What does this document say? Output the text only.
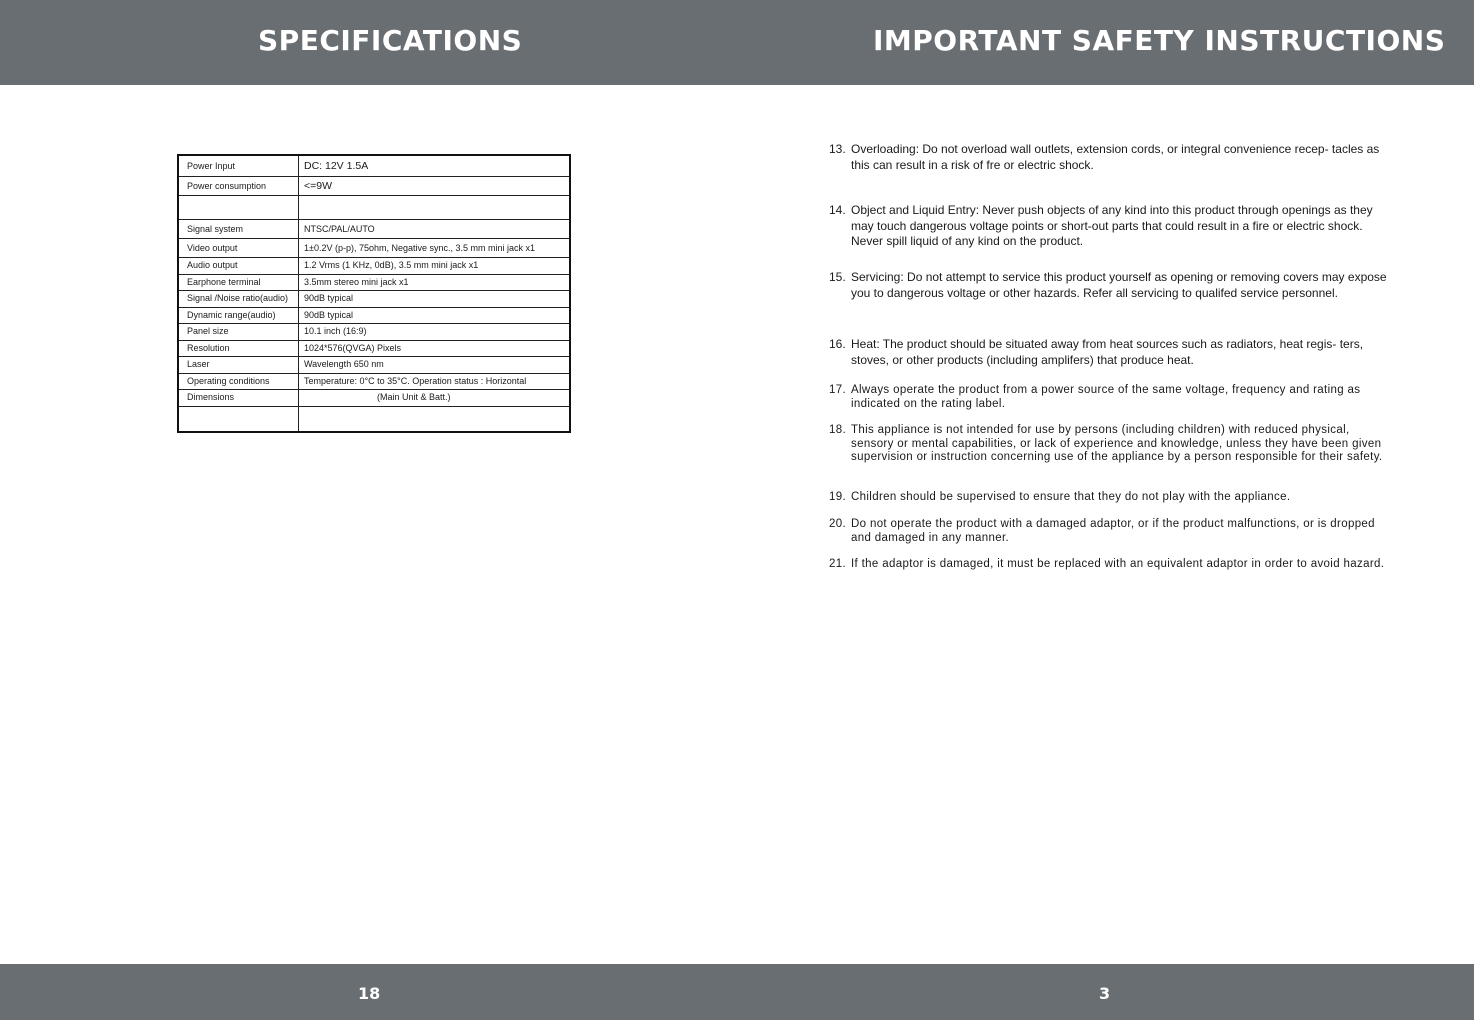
SPECIFICATIONS	IMPORTANT SAFETY INSTRUCTIONS
Power Input	DC: 12V 1.5A
Power consumption	<=9W
Signal system	NTSC/PAL/AUTO
Video output	1±0.2V (p-p), 75ohm, Negative sync., 3.5 mm mini jack x1
Audio output	1.2 Vrms (1 KHz, 0dB), 3.5 mm mini jack x1
Earphone terminal	3.5mm stereo mini jack x1
Signal /Noise ratio(audio)	90dB typical
Dynamic range(audio)	90dB typical
Panel size	10.1 inch (16:9)
Resolution	1024*576(QVGA) Pixels
Laser	Wavelength 650 nm
Operating conditions	Temperature: 0°C to 35°C. Operation status : Horizontal
Dimensions	(Main Unit & Batt.)
13. Overloading: Do not overload wall outlets, extension cords, or integral convenience recep- tacles as this can result in a risk of fre or electric shock.
14. Object and Liquid Entry: Never push objects of any kind into this product through openings as they may touch dangerous voltage points or short-out parts that could result in a fire or electric shock. Never spill liquid of any kind on the product.
15. Servicing: Do not attempt to service this product yourself as opening or removing covers may expose you to dangerous voltage or other hazards. Refer all servicing to qualifed service personnel.
16. Heat: The product should be situated away from heat sources such as radiators, heat regis- ters, stoves, or other products (including amplifers) that produce heat.
17. Always operate the product from a power source of the same voltage, frequency and rating as indicated on the rating label.
18. This appliance is not intended for use by persons (including children) with reduced physical, sensory or mental capabilities, or lack of experience and knowledge, unless they have been given supervision or instruction concerning use of the appliance by a person responsible for their safety.
19. Children should be supervised to ensure that they do not play with the appliance.
20. Do not operate the product with a damaged adaptor, or if the product malfunctions, or is dropped and damaged in any manner.
21. If the adaptor is damaged, it must be replaced with an equivalent adaptor in order to avoid hazard.
18	3
